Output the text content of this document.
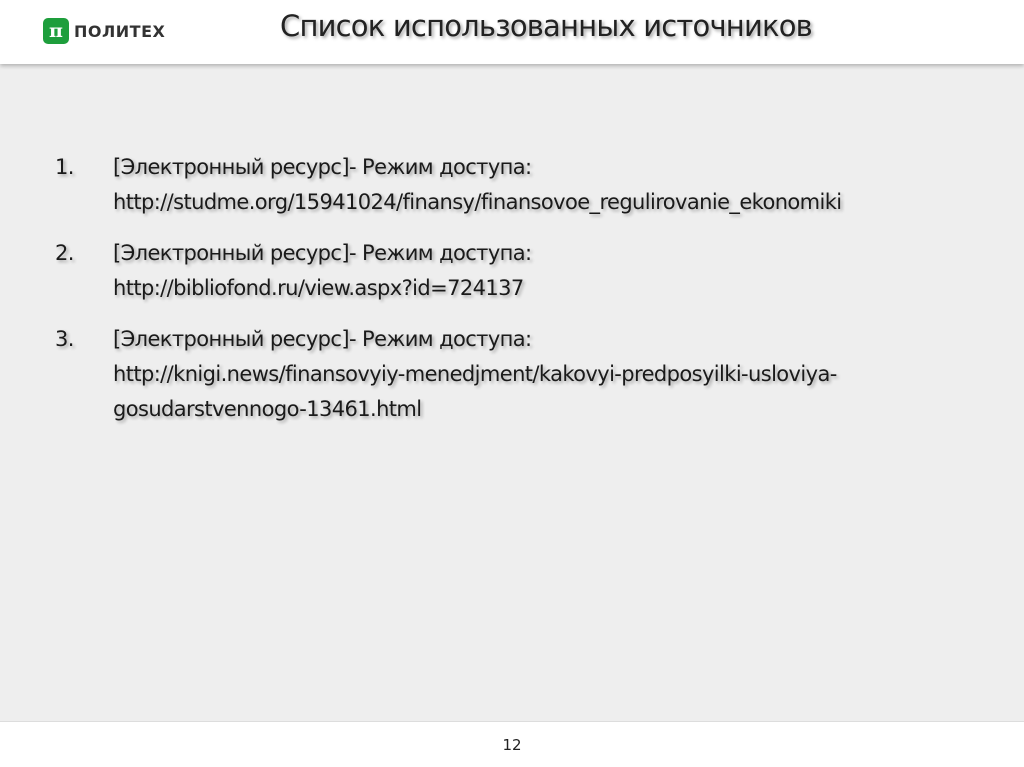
п ПОЛИТЕХ	Список использованных источников
1.	[Электронный ресурс]- Режим доступа:
http://studme.org/15941024/finansy/finansovoe_regulirovanie_ekonomiki
2.	[Электронный ресурс]- Режим доступа:
http://bibliofond.ru/view.aspx?id=724137
3.	[Электронный ресурс]- Режим доступа:
http://knigi.news/finansovyiy-menedjment/kakovyi-predposyilki-usloviya-
gosudarstvennogo-13461.html
12
